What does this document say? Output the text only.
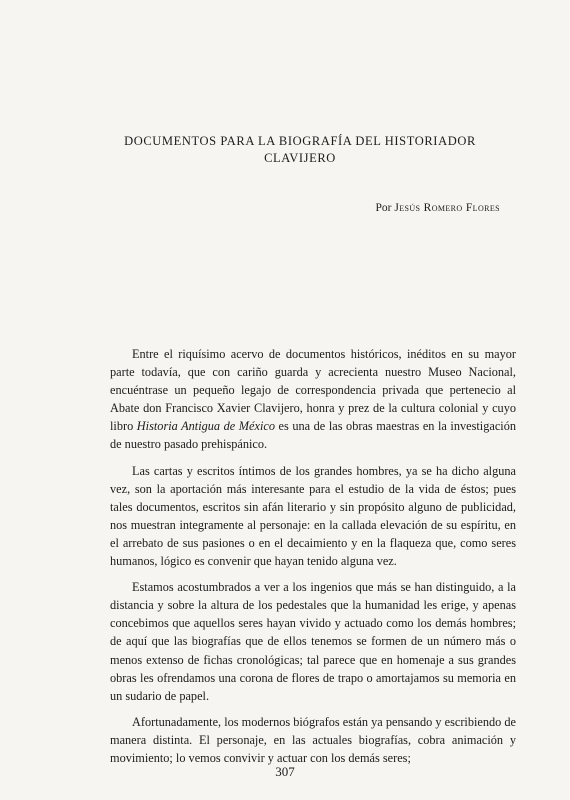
DOCUMENTOS PARA LA BIOGRAFÍA DEL HISTORIADOR
CLAVIJERO
Por Jesús Romero Flores

Entre el riquísimo acervo de documentos históricos, inéditos en su mayor parte todavía, que con cariño guarda y acrecienta nuestro Museo Nacional, encuéntrase un pequeño legajo de correspondencia privada que pertenecio al Abate don Francisco Xavier Clavijero, honra y prez de la cultura colonial y cuyo libro Historia Antigua de México es una de las obras maestras en la investigación de nuestro pasado prehispánico.

Las cartas y escritos íntimos de los grandes hombres, ya se ha dicho alguna vez, son la aportación más interesante para el estudio de la vida de éstos; pues tales documentos, escritos sin afán literario y sin propósito alguno de publicidad, nos muestran integramente al personaje: en la callada elevación de su espíritu, en el arrebato de sus pasiones o en el decaimiento y en la flaqueza que, como seres humanos, lógico es convenir que hayan tenido alguna vez.

Estamos acostumbrados a ver a los ingenios que más se han distinguido, a la distancia y sobre la altura de los pedestales que la humanidad les erige, y apenas concebimos que aquellos seres hayan vivido y actuado como los demás hombres; de aquí que las biografías que de ellos tenemos se formen de un número más o menos extenso de fichas cronológicas; tal parece que en homenaje a sus grandes obras les ofrendamos una corona de flores de trapo o amortajamos su memoria en un sudario de papel.

Afortunadamente, los modernos biógrafos están ya pensando y escribiendo de manera distinta. El personaje, en las actuales biografías, cobra animación y movimiento; lo vemos convivir y actuar con los demás seres;

307
